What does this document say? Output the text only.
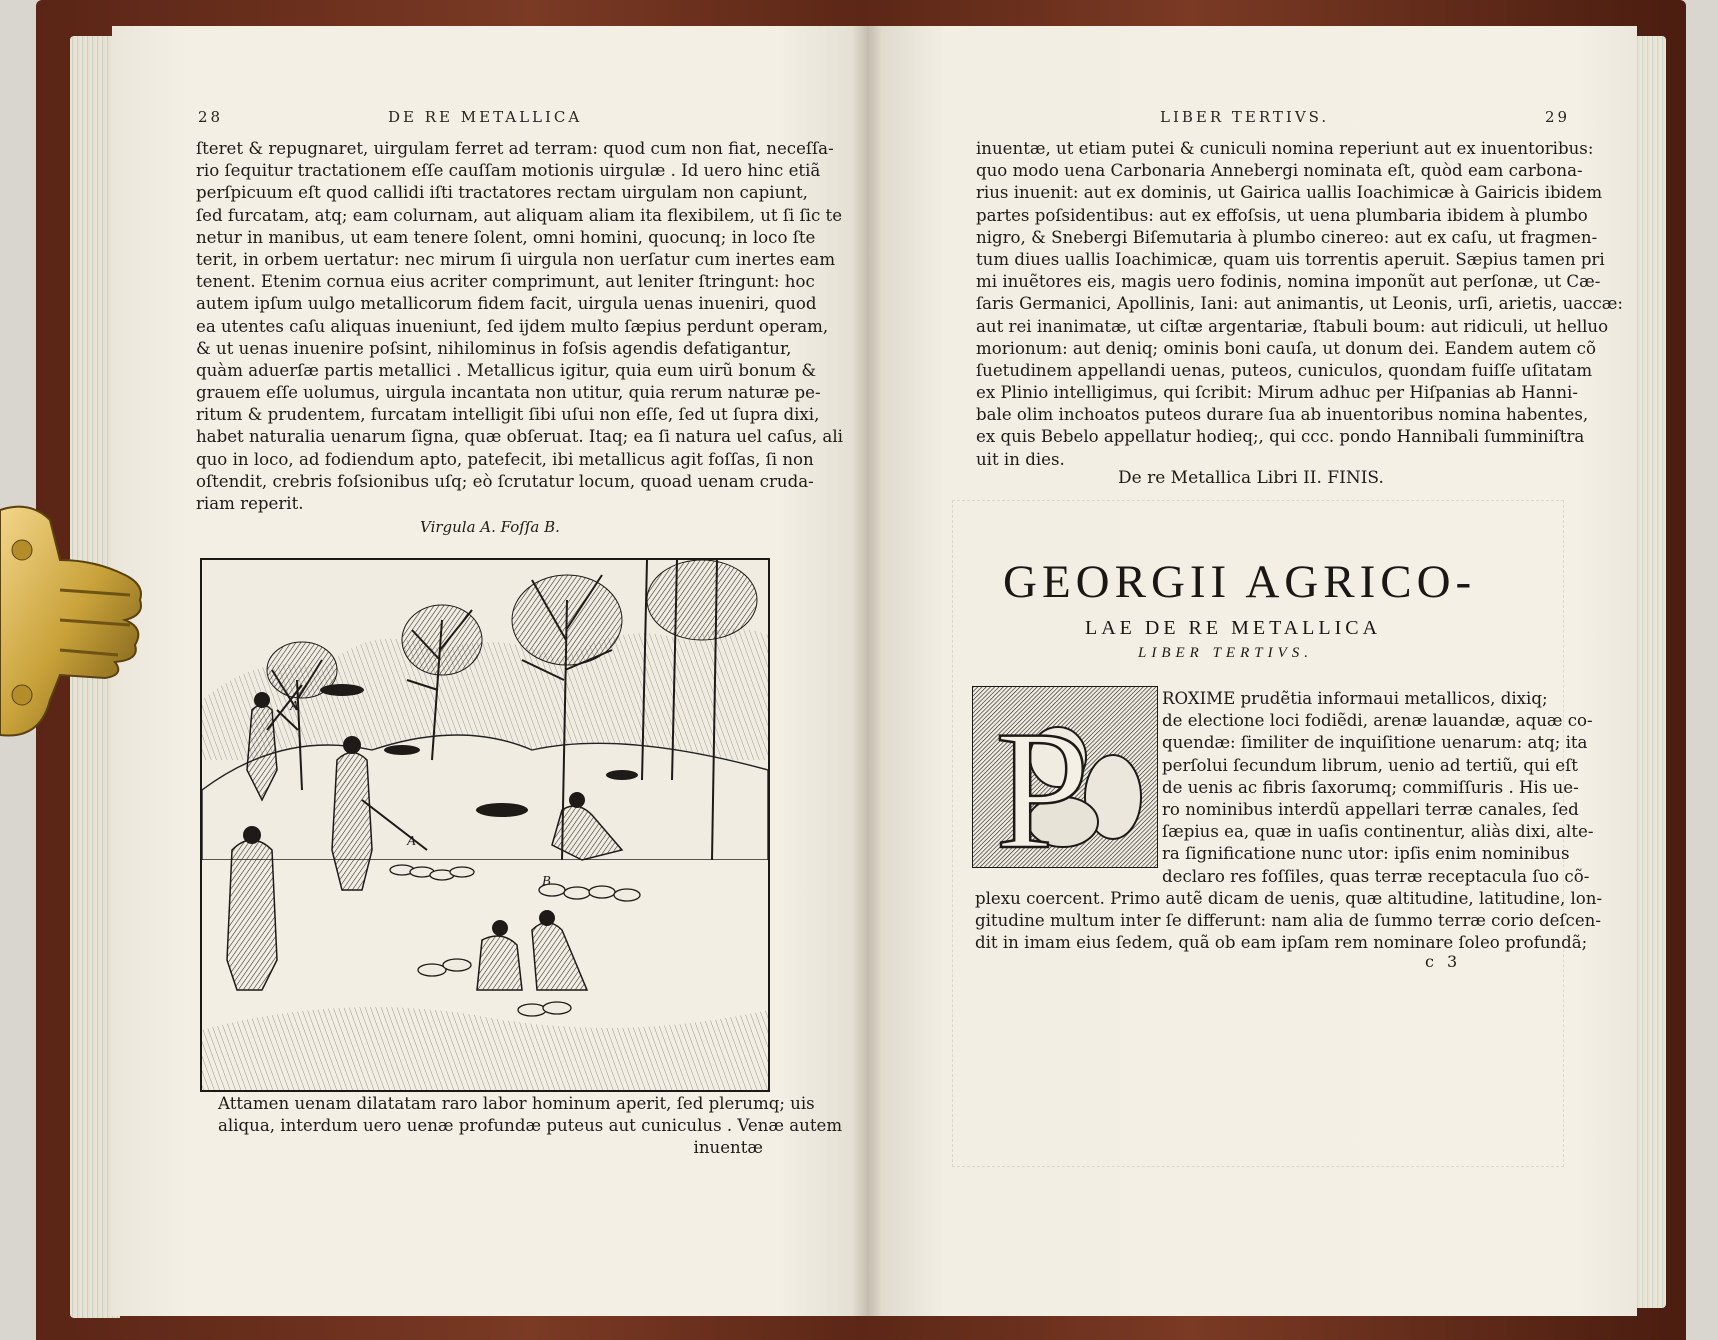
28	DE RE METALLICA
ſteret & repugnaret, uirgulam ferret ad terram: quod cum non fiat, neceſſa-
rio ſequitur tractationem eſſe cauſſam motionis uirgulæ . Id uero hinc etiã
perſpicuum eſt quod callidi iſti tractatores rectam uirgulam non capiunt,
ſed furcatam, atq; eam colurnam, aut aliquam aliam ita flexibilem, ut ſi ſic te
netur in manibus, ut eam tenere ſolent, omni homini, quocunq; in loco ſte
terit, in orbem uertatur: nec mirum ſi uirgula non uerſatur cum inertes eam
tenent. Etenim cornua eius acriter comprimunt, aut leniter ſtringunt: hoc
autem ipſum uulgo metallicorum fidem facit, uirgula uenas inueniri, quod
ea utentes caſu aliquas inueniunt, ſed ijdem multo ſæpius perdunt operam,
& ut uenas inuenire poſsint, nihilominus in foſsis agendis defatigantur,
quàm aduerſæ partis metallici . Metallicus igitur, quia eum uirũ bonum &
grauem eſſe uolumus, uirgula incantata non utitur, quia rerum naturæ pe-
ritum & prudentem, furcatam intelligit ſibi uſui non eſſe, ſed ut ſupra dixi,
habet naturalia uenarum ſigna, quæ obſeruat. Itaq; ea ſi natura uel caſus, ali
quo in loco, ad fodiendum apto, patefecit, ibi metallicus agit foſſas, ſi non
oſtendit, crebris foſsionibus uſq; eò ſcrutatur locum, quoad uenam cruda-
riam reperit.
Virgula A. Foſſa B.
A
A
B
Attamen uenam dilatatam raro labor hominum aperit, ſed plerumq; uis
aliqua, interdum uero uenæ profundæ puteus aut cuniculus . Venæ autem
inuentæ
LIBER TERTIVS.	29
inuentæ, ut etiam putei & cuniculi nomina reperiunt aut ex inuentoribus:
quo modo uena Carbonaria Annebergi nominata eſt, quòd eam carbona-
rius inuenit: aut ex dominis, ut Gairica uallis Ioachimicæ à Gairicis ibidem
partes poſsidentibus: aut ex effoſsis, ut uena plumbaria ibidem à plumbo
nigro, & Snebergi Biſemutaria à plumbo cinereo: aut ex caſu, ut fragmen-
tum diues uallis Ioachimicæ, quam uis torrentis aperuit. Sæpius tamen pri
mi inuẽtores eis, magis uero fodinis, nomina imponũt aut perſonæ, ut Cæ-
ſaris Germanici, Apollinis, Iani: aut animantis, ut Leonis, urſi, arietis, uaccæ:
aut rei inanimatæ, ut ciſtæ argentariæ, ſtabuli boum: aut ridiculi, ut helluo
morionum: aut deniq; ominis boni cauſa, ut donum dei. Eandem autem cõ
ſuetudinem appellandi uenas, puteos, cuniculos, quondam fuiſſe uſitatam
ex Plinio intelligimus, qui ſcribit: Mirum adhuc per Hiſpanias ab Hanni-
bale olim inchoatos puteos durare ſua ab inuentoribus nomina habentes,
ex quis Bebelo appellatur hodieq;, qui ccc. pondo Hannibali ſumminiſtra
uit in dies.
De re Metallica Libri II. FINIS.
GEORGII AGRICO-
LAE DE RE METALLICA
LIBER TERTIVS.
P	ROXIME prudẽtia informaui metallicos, dixiq;
de electione loci fodiẽdi, arenæ lauandæ, aquæ co-
quendæ: ſimiliter de inquiſitione uenarum: atq; ita
perſolui ſecundum librum, uenio ad tertiũ, qui eſt
de uenis ac fibris ſaxorumq; commiſſuris . His ue-
ro nominibus interdũ appellari terræ canales, ſed
ſæpius ea, quæ in uaſis continentur, aliàs dixi, alte-
ra ſignificatione nunc utor: ipſis enim nominibus
declaro res foſſiles, quas terræ receptacula ſuo cõ-
plexu coercent. Primo autẽ dicam de uenis, quæ altitudine, latitudine, lon-
gitudine multum inter ſe differunt: nam alia de ſummo terræ corio deſcen-
dit in imam eius ſedem, quã ob eam ipſam rem nominare ſoleo profundã;
c 3
